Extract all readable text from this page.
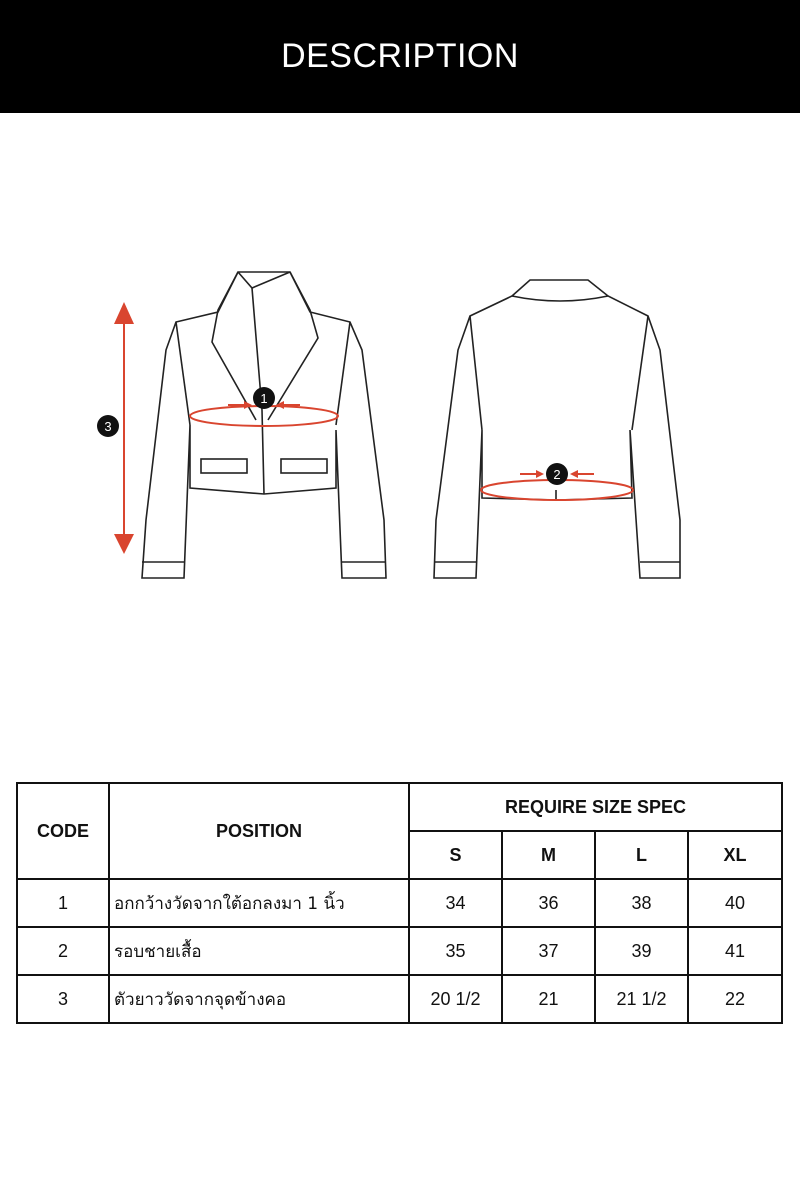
DESCRIPTION
1
3
2
CODE	POSITION	REQUIRE SIZE SPEC			
		S	M	L	XL
1	อกกว้างวัดจากใต้อกลงมา 1 นิ้ว	34	36	38	40
2	รอบชายเสื้อ	35	37	39	41
3	ตัวยาววัดจากจุดข้างคอ	20 1/2	21	21 1/2	22
